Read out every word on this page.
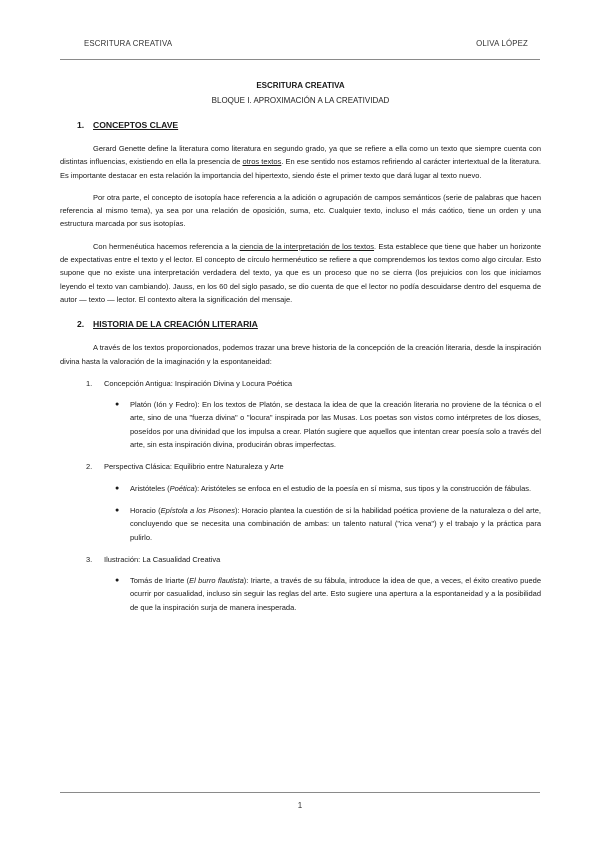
ESCRITURA CREATIVA	OLIVA LÓPEZ

ESCRITURA CREATIVA

BLOQUE I. APROXIMACIÓN A LA CREATIVIDAD

1.	CONCEPTOS CLAVE

Gerard Genette define la literatura como literatura en segundo grado, ya que se refiere a ella como un texto que siempre cuenta con distintas influencias, existiendo en ella la presencia de otros textos. En ese sentido nos estamos refiriendo al carácter intertextual de la literatura. Es importante destacar en esta relación la importancia del hipertexto, siendo éste el primer texto que dará lugar al texto nuevo.

Por otra parte, el concepto de isotopía hace referencia a la adición o agrupación de campos semánticos (serie de palabras que hacen referencia al mismo tema), ya sea por una relación de oposición, suma, etc. Cualquier texto, incluso el más caótico, tiene un orden y una estructura marcada por sus isotopías.

Con hermenéutica hacemos referencia a la ciencia de la interpretación de los textos. Esta establece que tiene que haber un horizonte de expectativas entre el texto y el lector. El concepto de círculo hermenéutico se refiere a que comprendemos los textos como algo circular. Esto supone que no existe una interpretación verdadera del texto, ya que es un proceso que no se cierra (los prejuicios con los que iniciamos leyendo el texto van cambiando). Jauss, en los 60 del siglo pasado, se dio cuenta de que el lector no podía descuidarse dentro del esquema de autor — texto — lector. El contexto altera la significación del mensaje.

2.	HISTORIA DE LA CREACIÓN LITERARIA

A través de los textos proporcionados, podemos trazar una breve historia de la concepción de la creación literaria, desde la inspiración divina hasta la valoración de la imaginación y la espontaneidad:

1.	Concepción Antigua: Inspiración Divina y Locura Poética
●	Platón (Ión y Fedro): En los textos de Platón, se destaca la idea de que la creación literaria no proviene de la técnica o el arte, sino de una "fuerza divina" o "locura" inspirada por las Musas. Los poetas son vistos como intérpretes de los dioses, poseídos por una divinidad que los impulsa a crear. Platón sugiere que aquellos que intentan crear poesía solo a través del arte, sin esta inspiración divina, producirán obras imperfectas.
2.	Perspectiva Clásica: Equilibrio entre Naturaleza y Arte
●	Aristóteles (Poética): Aristóteles se enfoca en el estudio de la poesía en sí misma, sus tipos y la construcción de fábulas.
●	Horacio (Epístola a los Pisones): Horacio plantea la cuestión de si la habilidad poética proviene de la naturaleza o del arte, concluyendo que se necesita una combinación de ambas: un talento natural ("rica vena") y el trabajo y la práctica para pulirlo.
3.	Ilustración: La Casualidad Creativa
●	Tomás de Iriarte (El burro flautista): Iriarte, a través de su fábula, introduce la idea de que, a veces, el éxito creativo puede ocurrir por casualidad, incluso sin seguir las reglas del arte. Esto sugiere una apertura a la espontaneidad y a la posibilidad de que la inspiración surja de manera inesperada.
1
